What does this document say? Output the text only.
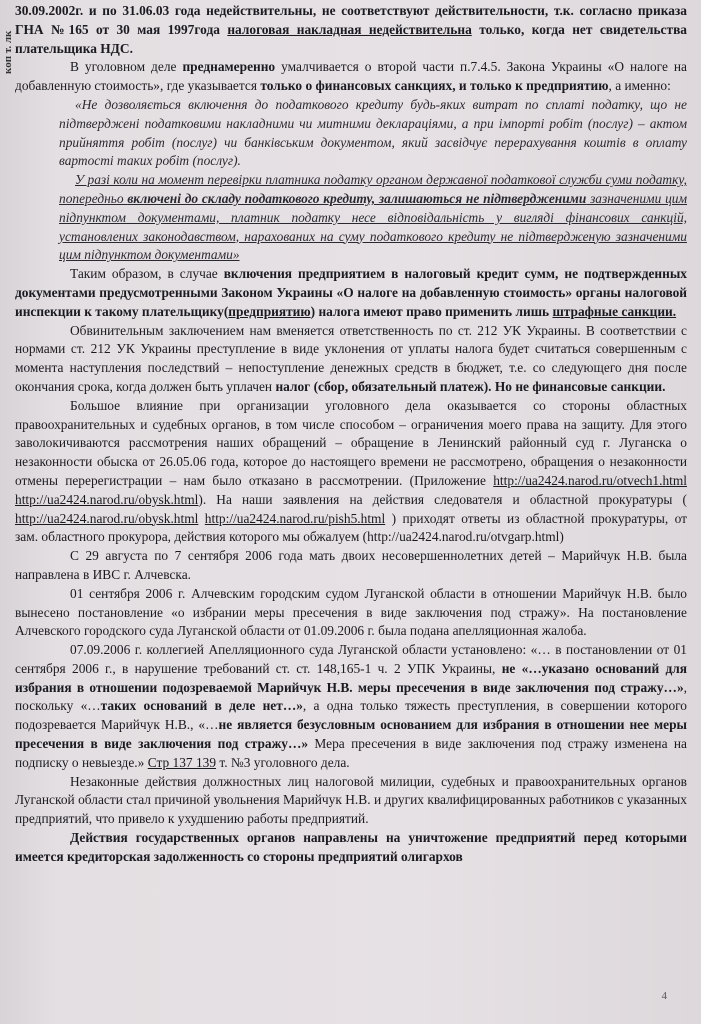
коп т. лк

30.09.2002г. и по 31.06.03 года недействительны, не соответствуют действительности, т.к. согласно приказа ГНА №165 от 30 мая 1997года налоговая накладная недействительна только, когда нет свидетельства плательщика НДС.

В уголовном деле преднамеренно умалчивается о второй части п.7.4.5. Закона Украины «О налоге на добавленную стоимость», где указывается только о финансовых санкциях, и только к предприятию, а именно:

«Не дозволяється включення до податкового кредиту будь-яких витрат по сплаті податку, що не підтверджені податковими накладними чи митними деклараціями, а при імпорті робіт (послуг) – актом прийняття робіт (послуг) чи банківським документом, який засвідчує перерахування коштів в оплату вартості таких робіт (послуг).

У разі коли на момент перевірки платника податку органом державної податкової служби суми податку, попередньо включені до складу податкового кредиту, залишаються не підтвердженими зазначеними цим підпунктом документами, платник податку несе відповідальність у вигляді фінансових санкцій, установлених законодавством, нарахованих на суму податкового кредиту не підтвердженую зазначеними цим підпунктом документами»

Таким образом, в случае включения предприятием в налоговый кредит сумм, не подтвержденных документами предусмотренными Законом Украины «О налоге на добавленную стоимость» органы налоговой инспекции к такому плательщику(предприятию) налога имеют право применить лишь штрафные санкции.

Обвинительным заключением нам вменяется ответственность по ст. 212 УК Украины. В соответствии с нормами ст. 212 УК Украины преступление в виде уклонения от уплаты налога будет считаться совершенным с момента наступления последствий – непоступление денежных средств в бюджет, т.е. со следующего дня после окончания срока, когда должен быть уплачен налог (сбор, обязательный платеж). Но не финансовые санкции.

Большое влияние при организации уголовного дела оказывается со стороны областных правоохранительных и судебных органов, в том числе способом – ограничения моего права на защиту. Для этого заволокичиваются рассмотрения наших обращений – обращение в Ленинский районный суд г. Луганска о незаконности обыска от 26.05.06 года, которое до настоящего времени не рассмотрено, обращения о незаконности отмены перерегистрации – нам было отказано в рассмотрении. (Приложение http://ua2424.narod.ru/otvech1.html http://ua2424.narod.ru/obysk.html). На наши заявления на действия следователя и областной прокуратуры ( http://ua2424.narod.ru/obysk.html http://ua2424.narod.ru/pish5.html ) приходят ответы из областной прокуратуры, от зам. областного прокурора, действия которого мы обжалуем (http://ua2424.narod.ru/otvgarp.html)

С 29 августа по 7 сентября 2006 года мать двоих несовершеннолетних детей – Марийчук Н.В. была направлена в ИВС г. Алчевска.

01 сентября 2006 г. Алчевским городским судом Луганской области в отношении Марийчук Н.В. было вынесено постановление «о избрании меры пресечения в виде заключения под стражу». На постановление Алчевского городского суда Луганской области от 01.09.2006 г. была подана апелляционная жалоба.

07.09.2006 г. коллегией Апелляционного суда Луганской области установлено: «… в постановлении от 01 сентября 2006 г., в нарушение требований ст. ст. 148,165-1 ч. 2 УПК Украины, не «…указано оснований для избрания в отношении подозреваемой Марийчук Н.В. меры пресечения в виде заключения под стражу…», поскольку «…таких оснований в деле нет…», а одна только тяжесть преступления, в совершении которого подозревается Марийчук Н.В., «…не является безусловным основанием для избрания в отношении нее меры пресечения в виде заключения под стражу…» Мера пресечения в виде заключения под стражу изменена на подписку о невыезде.» Стр 137 139 т. №3 уголовного дела.

Незаконные действия должностных лиц налоговой милиции, судебных и правоохранительных органов Луганской области стал причиной увольнения Марийчук Н.В. и других квалифицированных работников с указанных предприятий, что привело к ухудшению работы предприятий.

Действия государственных органов направлены на уничтожение предприятий перед которыми имеется кредиторская задолженность со стороны предприятий олигархов

4
